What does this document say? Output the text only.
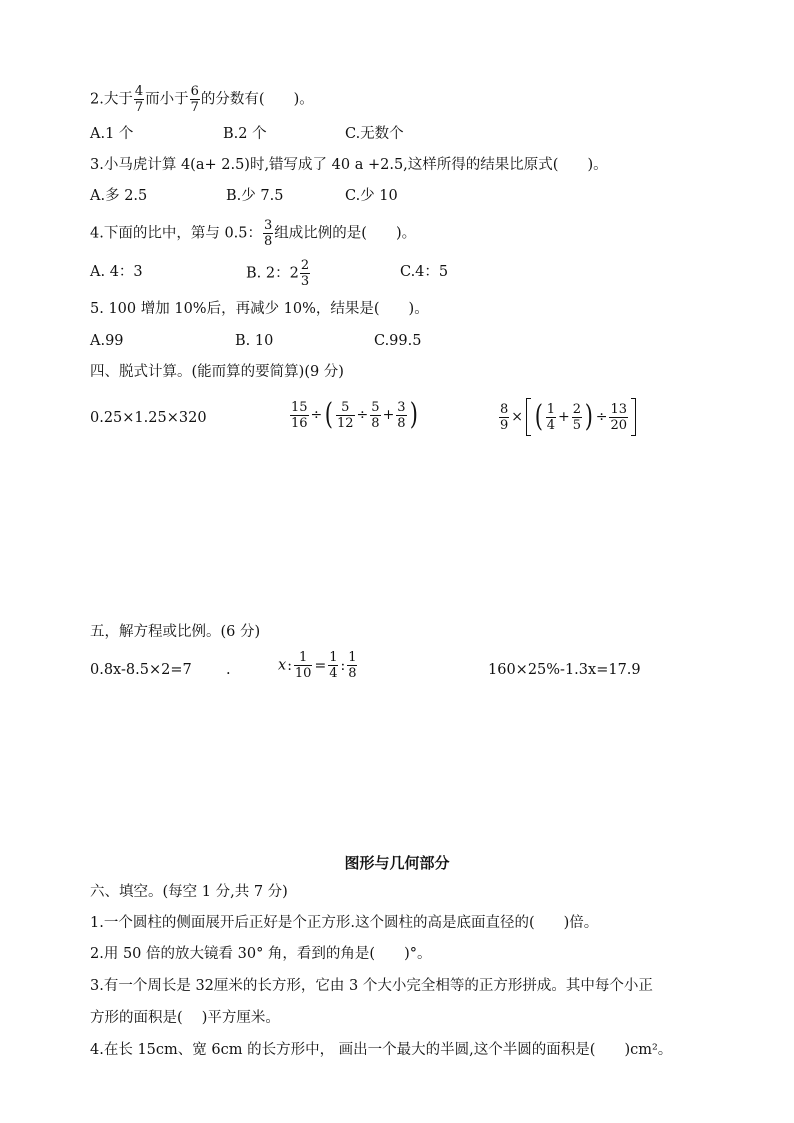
2.大于 $\frac{4}{7}$ 而小于 $\frac{6}{7}$ 的分数有(　　)。
A.1 个	B.2 个	C.无数个
3.小马虎计算 4(a+ 2.5)时,错写成了 40 a +2.5,这样所得的结果比原式(　　)。
A.多 2.5	B.少 7.5	C.少 10
4.下面的比中，第与 0.5： $\frac{3}{8}$ 组成比例的是(　　)。
A. 4：3	B. 2：$2 \frac{2}{3}$	C.4：5
5. 100 增加 10%后，再减少 10%，结果是(　　)。
A.99	B. 10	C.99.5
四、脱式计算。(能而算的要简算)(9 分)
0.25×1.25×320	$\frac{15}{16}$ ÷( $\frac{5}{12} \div \frac{5}{8} + \frac{3}{8}$ )	$\frac{8}{9}$ × ( $\frac{1}{4} + \frac{2}{5}$ ) ÷ $\frac{13}{20}$
五，解方程或比例。(6 分)
0.8x-8.5×2=7 .	x: $\frac{1}{10} = \frac{1}{4}$ : $\frac{1}{8}$	160×25%-1.3x=17.9
图形与几何部分
六、填空。(每空 1 分,共 7 分)
1.一个圆柱的侧面展开后正好是个正方形.这个圆柱的高是底面直径的(　　)倍。
2.用 50 倍的放大镜看 30° 角，看到的角是(　　)°。
3.有一个周长是 32厘米的长方形，它由 3 个大小完全相等的正方形拼成。其中每个小正
方形的面积是(　 )平方厘米。
4.在长 15cm、宽 6cm 的长方形中， 画出一个最大的半圆,这个半圆的面积是(　　)cm²。
